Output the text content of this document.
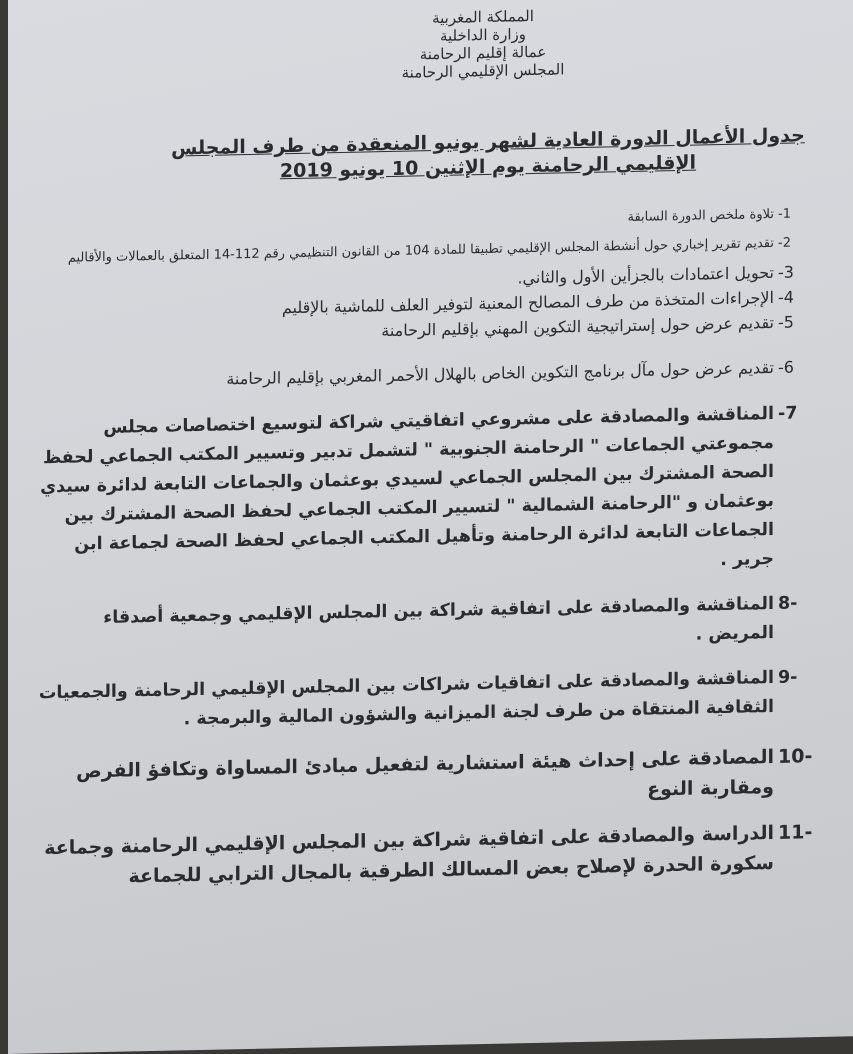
المملكة المغربية
وزارة الداخلية
عمالة إقليم الرحامنة
المجلس الإقليمي الرحامنة
جدول الأعمال الدورة العادية لشهر يونيو المنعقدة من طرف المجلس
الإقليمي الرحامنة يوم الإثنين 10 يونيو 2019
-1
تلاوة ملخص الدورة السابقة
-2
تقديم تقرير إخباري حول أنشطة المجلس الإقليمي تطبيقا للمادة 104 من القانون التنظيمي رقم 112-14 المتعلق بالعمالات والأقاليم
-3
تحويل اعتمادات بالجزأين الأول والثاني.
-4
الإجراءات المتخذة من طرف المصالح المعنية لتوفير العلف للماشية بالإقليم
-5
تقديم عرض حول إستراتيجية التكوين المهني بإقليم الرحامنة
-6
تقديم عرض حول مآل برنامج التكوين الخاص بالهلال الأحمر المغربي بإقليم الرحامنة
-7
المناقشة والمصادقة على مشروعي اتفاقيتي شراكة لتوسيع اختصاصات مجلس مجموعتي الجماعات " الرحامنة الجنوبية " لتشمل تدبير وتسيير المكتب الجماعي لحفظ الصحة المشترك بين المجلس الجماعي لسيدي بوعثمان والجماعات التابعة لدائرة سيدي بوعثمان و "الرحامنة الشمالية " لتسيير المكتب الجماعي لحفظ الصحة المشترك بين الجماعات التابعة لدائرة الرحامنة وتأهيل المكتب الجماعي لحفظ الصحة لجماعة ابن جرير .
8-
المناقشة والمصادقة على اتفاقية شراكة بين المجلس الإقليمي وجمعية أصدقاء المريض .
9-
المناقشة والمصادقة على اتفاقيات شراكات بين المجلس الإقليمي الرحامنة والجمعيات الثقافية المنتقاة من طرف لجنة الميزانية والشؤون المالية والبرمجة .
10-
المصادقة على إحداث هيئة استشارية لتفعيل مبادئ المساواة وتكافؤ الفرص ومقاربة النوع
11-
الدراسة والمصادقة على اتفاقية شراكة بين المجلس الإقليمي الرحامنة وجماعة سكورة الحدرة لإصلاح بعض المسالك الطرقية بالمجال الترابي للجماعة
